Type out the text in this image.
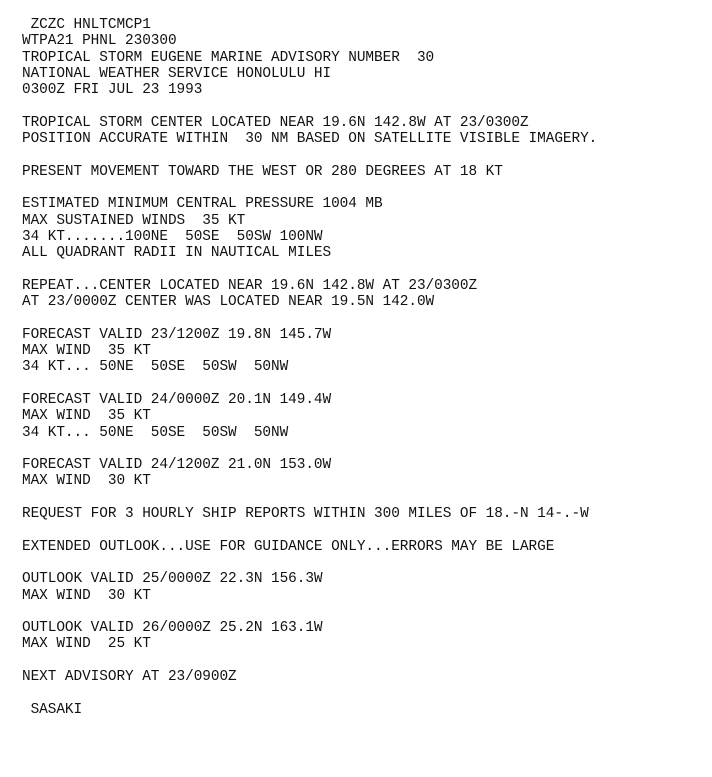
ZCZC HNLTCMCP1
WTPA21 PHNL 230300
TROPICAL STORM EUGENE MARINE ADVISORY NUMBER  30
NATIONAL WEATHER SERVICE HONOLULU HI
0300Z FRI JUL 23 1993
TROPICAL STORM CENTER LOCATED NEAR 19.6N 142.8W AT 23/0300Z
POSITION ACCURATE WITHIN  30 NM BASED ON SATELLITE VISIBLE IMAGERY.
PRESENT MOVEMENT TOWARD THE WEST OR 280 DEGREES AT 18 KT
ESTIMATED MINIMUM CENTRAL PRESSURE 1004 MB
MAX SUSTAINED WINDS  35 KT
34 KT.......100NE  50SE  50SW 100NW
ALL QUADRANT RADII IN NAUTICAL MILES
REPEAT...CENTER LOCATED NEAR 19.6N 142.8W AT 23/0300Z
AT 23/0000Z CENTER WAS LOCATED NEAR 19.5N 142.0W
FORECAST VALID 23/1200Z 19.8N 145.7W
MAX WIND  35 KT
34 KT... 50NE  50SE  50SW  50NW
FORECAST VALID 24/0000Z 20.1N 149.4W
MAX WIND  35 KT
34 KT... 50NE  50SE  50SW  50NW
FORECAST VALID 24/1200Z 21.0N 153.0W
MAX WIND  30 KT
REQUEST FOR 3 HOURLY SHIP REPORTS WITHIN 300 MILES OF 18.-N 14-.-W
EXTENDED OUTLOOK...USE FOR GUIDANCE ONLY...ERRORS MAY BE LARGE
OUTLOOK VALID 25/0000Z 22.3N 156.3W
MAX WIND  30 KT
OUTLOOK VALID 26/0000Z 25.2N 163.1W
MAX WIND  25 KT
NEXT ADVISORY AT 23/0900Z
SASAKI
